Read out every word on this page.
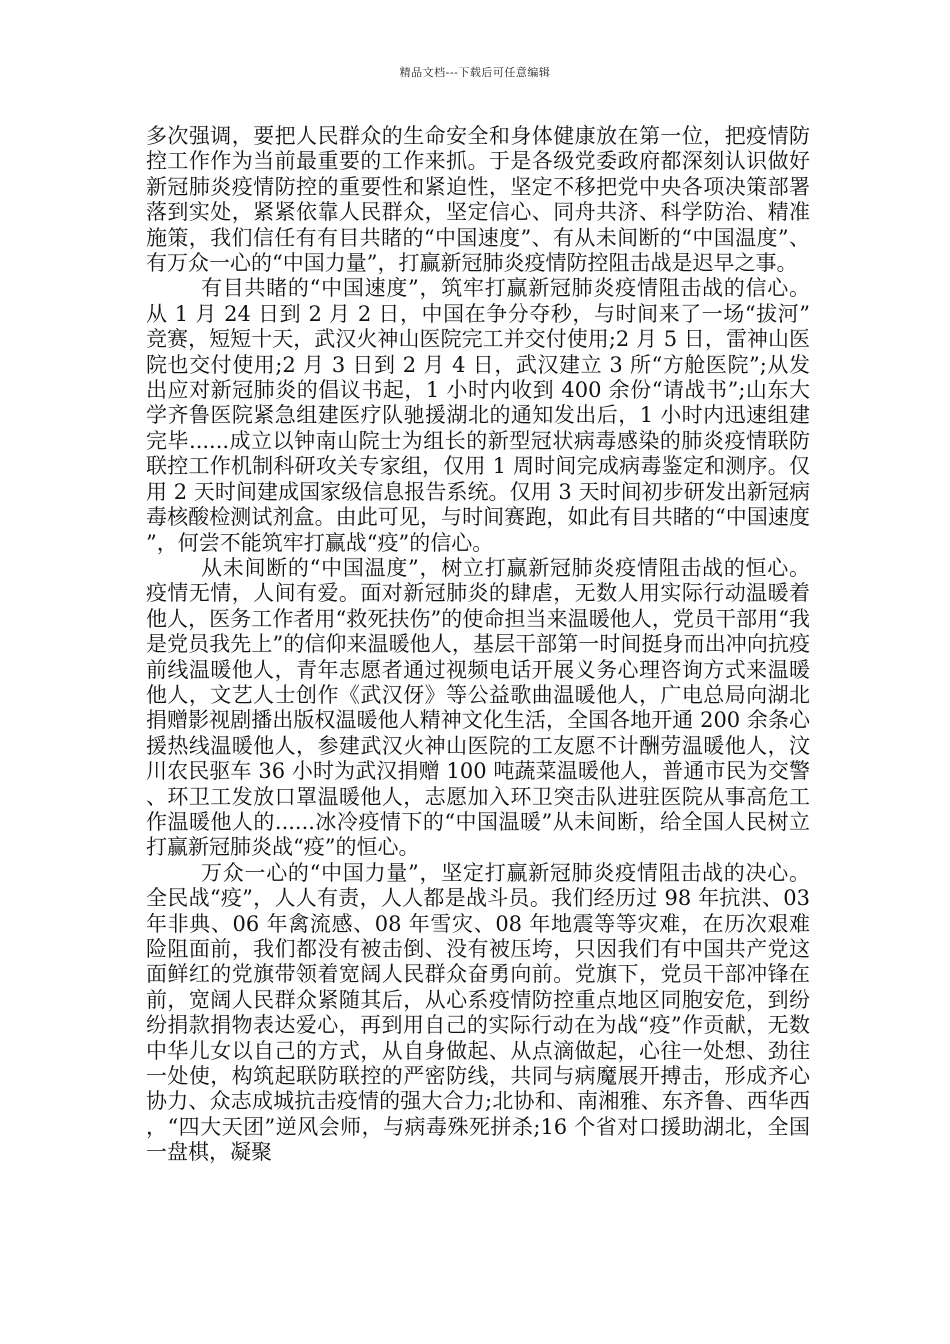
精品文档---下载后可任意编辑

多次强调，要把人民群众的生命安全和身体健康放在第一位，把疫情防控工作作为当前最重要的工作来抓。于是各级党委政府都深刻认识做好新冠肺炎疫情防控的重要性和紧迫性，坚定不移把党中央各项决策部署落到实处，紧紧依靠人民群众，坚定信心、同舟共济、科学防治、精准施策，我们信任有有目共睹的“中国速度”、有从未间断的“中国温度”、有万众一心的“中国力量”，打赢新冠肺炎疫情防控阻击战是迟早之事。

有目共睹的“中国速度”，筑牢打赢新冠肺炎疫情阻击战的信心。从 1 月 24 日到 2 月 2 日，中国在争分夺秒，与时间来了一场“拔河”竞赛，短短十天，武汉火神山医院完工并交付使用;2 月 5 日，雷神山医院也交付使用;2 月 3 日到 2 月 4 日，武汉建立 3 所“方舱医院”;从发出应对新冠肺炎的倡议书起，1 小时内收到 400 余份“请战书”;山东大学齐鲁医院紧急组建医疗队驰援湖北的通知发出后，1 小时内迅速组建完毕......成立以钟南山院士为组长的新型冠状病毒感染的肺炎疫情联防联控工作机制科研攻关专家组，仅用 1 周时间完成病毒鉴定和测序。仅用 2 天时间建成国家级信息报告系统。仅用 3 天时间初步研发出新冠病毒核酸检测试剂盒。由此可见，与时间赛跑，如此有目共睹的“中国速度”，何尝不能筑牢打赢战“疫”的信心。

从未间断的“中国温度”，树立打赢新冠肺炎疫情阻击战的恒心。疫情无情，人间有爱。面对新冠肺炎的肆虐，无数人用实际行动温暖着他人，医务工作者用“救死扶伤”的使命担当来温暖他人，党员干部用“我是党员我先上”的信仰来温暖他人，基层干部第一时间挺身而出冲向抗疫前线温暖他人，青年志愿者通过视频电话开展义务心理咨询方式来温暖他人，文艺人士创作《武汉伢》等公益歌曲温暖他人，广电总局向湖北捐赠影视剧播出版权温暖他人精神文化生活，全国各地开通 200 余条心援热线温暖他人，参建武汉火神山医院的工友愿不计酬劳温暖他人，汶川农民驱车 36 小时为武汉捐赠 100 吨蔬菜温暖他人，普通市民为交警、环卫工发放口罩温暖他人，志愿加入环卫突击队进驻医院从事高危工作温暖他人的......冰冷疫情下的“中国温暖”从未间断，给全国人民树立打赢新冠肺炎战“疫”的恒心。

万众一心的“中国力量”，坚定打赢新冠肺炎疫情阻击战的决心。全民战“疫”，人人有责，人人都是战斗员。我们经历过 98 年抗洪、03 年非典、06 年禽流感、08 年雪灾、08 年地震等等灾难，在历次艰难险阻面前，我们都没有被击倒、没有被压垮，只因我们有中国共产党这面鲜红的党旗带领着宽阔人民群众奋勇向前。党旗下，党员干部冲锋在前，宽阔人民群众紧随其后，从心系疫情防控重点地区同胞安危，到纷纷捐款捐物表达爱心，再到用自己的实际行动在为战“疫”作贡献，无数中华儿女以自己的方式，从自身做起、从点滴做起，心往一处想、劲往一处使，构筑起联防联控的严密防线，共同与病魔展开搏击，形成齐心协力、众志成城抗击疫情的强大合力;北协和、南湘雅、东齐鲁、西华西，“四大天团”逆风会师，与病毒殊死拼杀;16 个省对口援助湖北，全国一盘棋，凝聚
